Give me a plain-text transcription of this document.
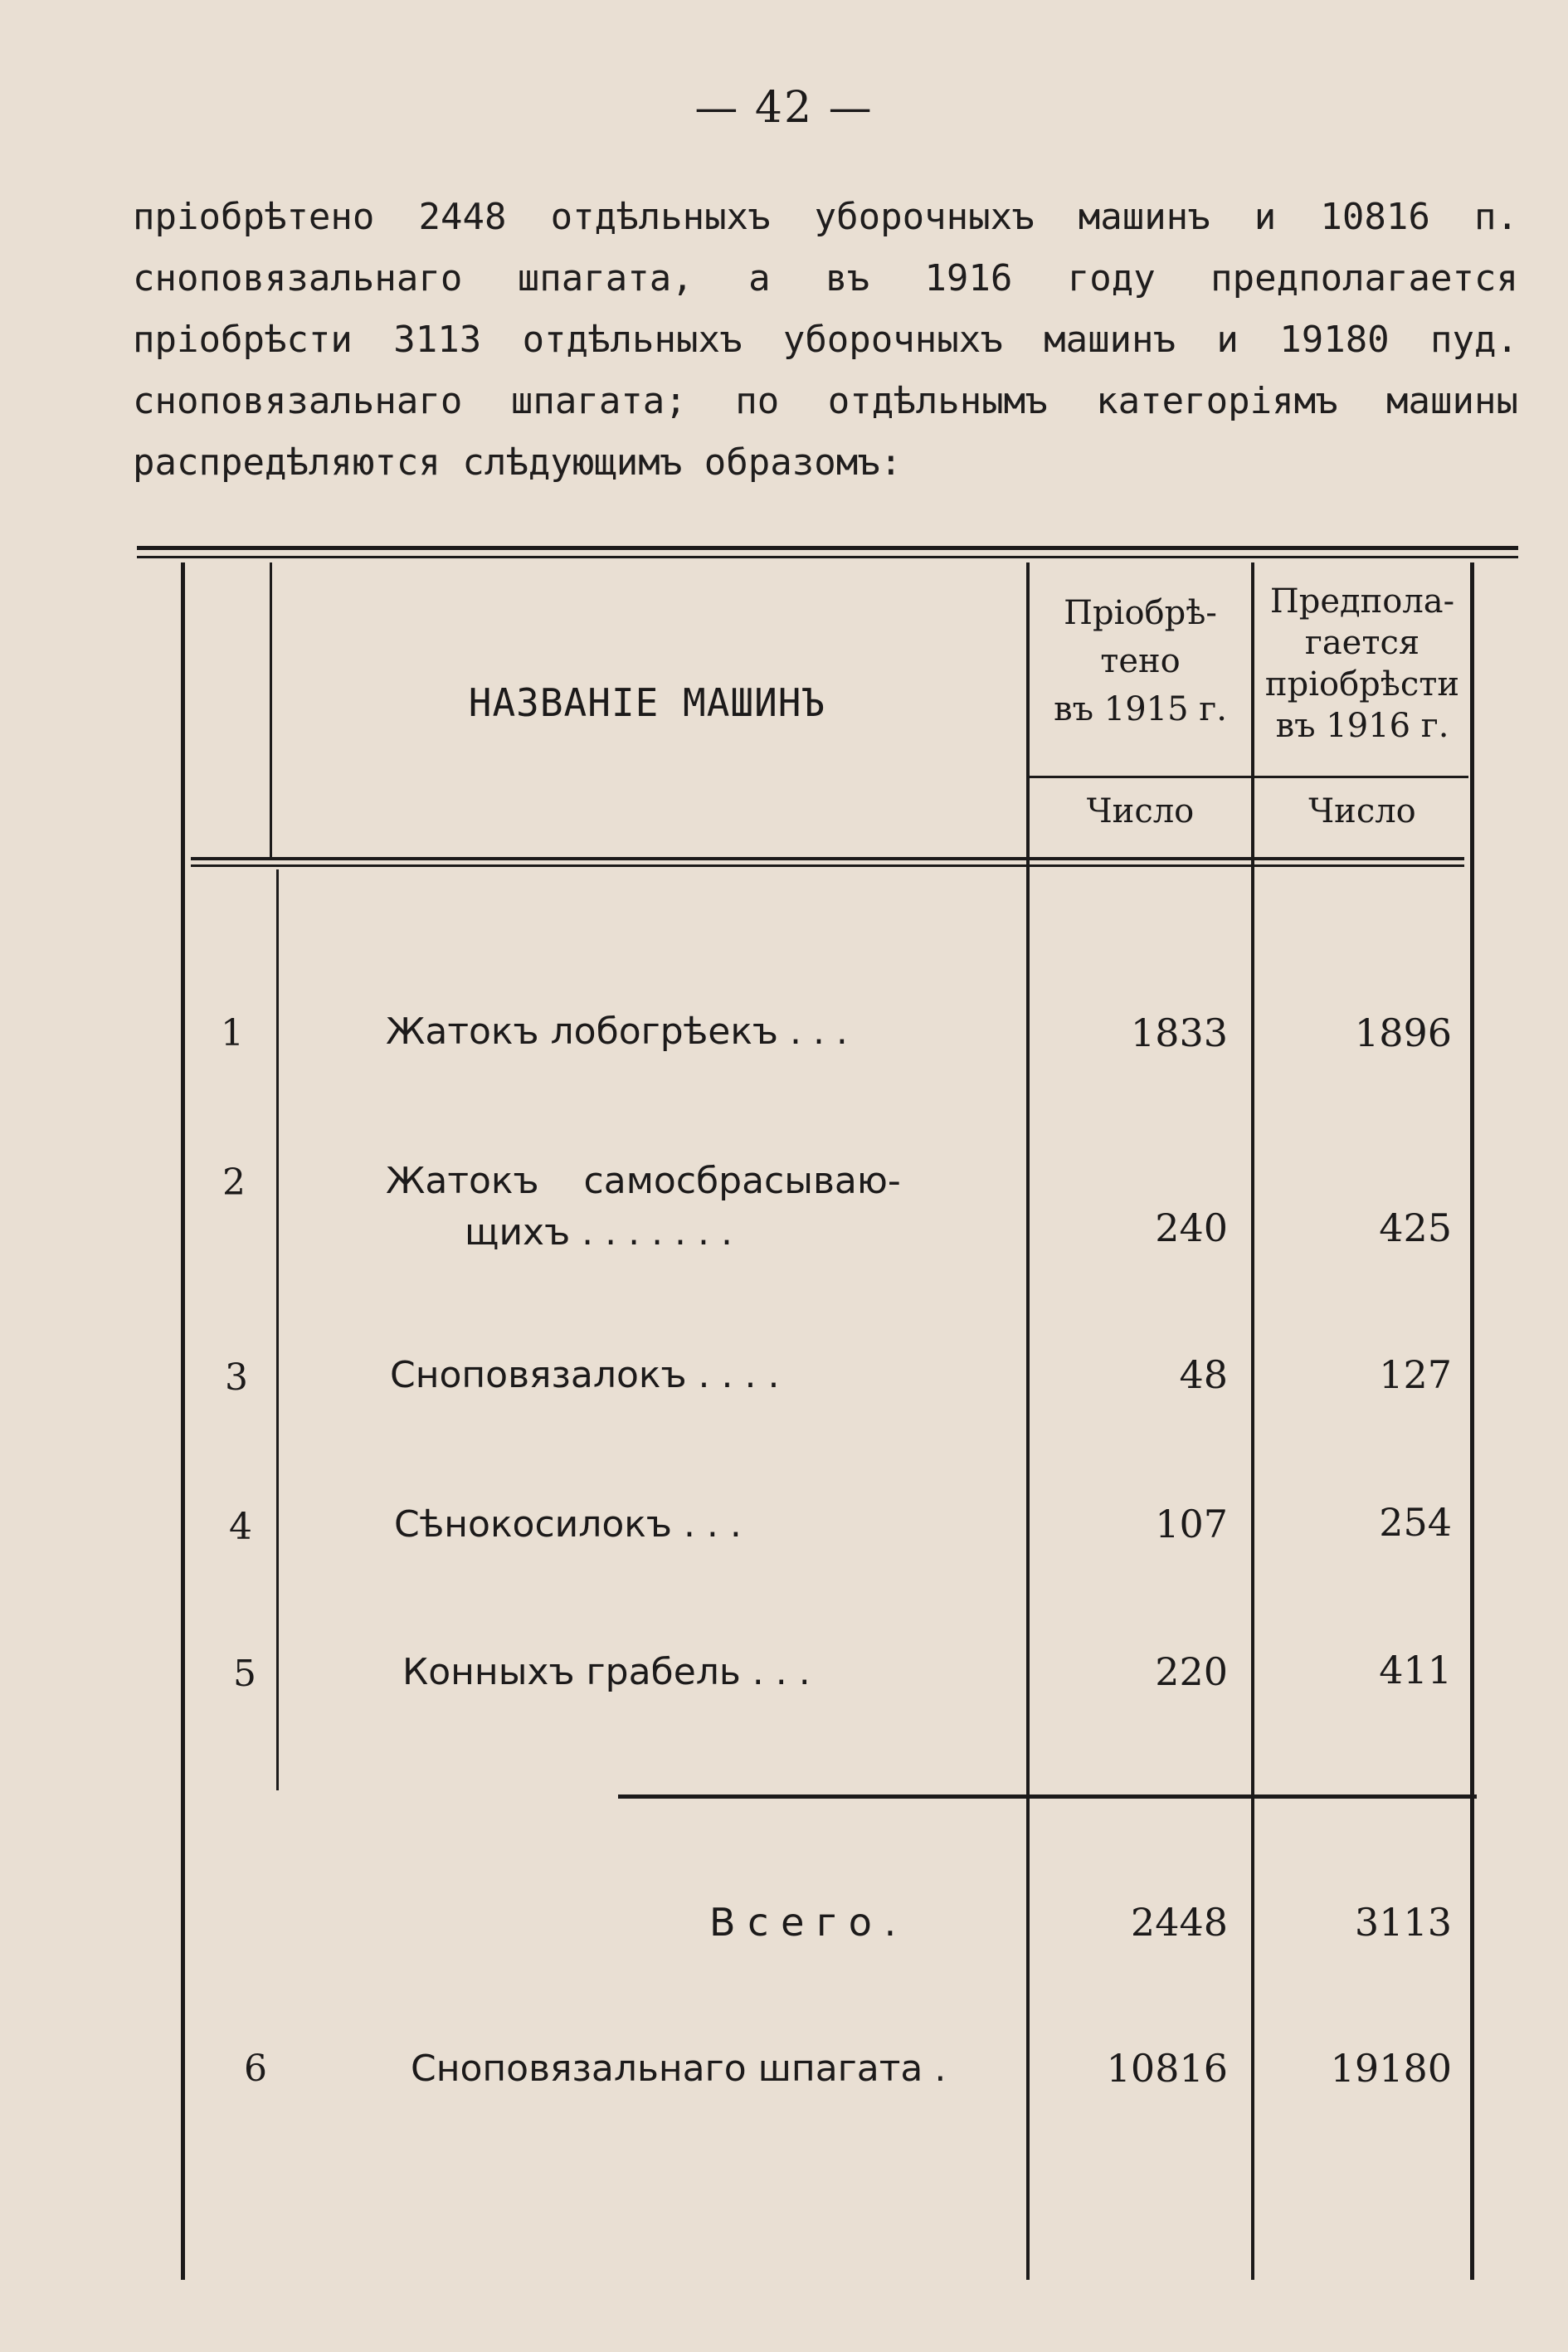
— 42 —
пріобрѣтено 2448 отдѣльныхъ уборочныхъ машинъ и 10816 п.
сноповязальнаго шпагата, а въ 1916 году предполагается
пріобрѣсти 3113 отдѣльныхъ уборочныхъ машинъ и 19180 пуд.
сноповязальнаго шпагата; по отдѣльнымъ категоріямъ машины
распредѣляются слѣдующимъ образомъ:
НАЗВАНІЕ МАШИНЪ
Пріобрѣ-
тено
въ 1915 г.
Предпола-
гается
пріобрѣсти
въ 1916 г.
Число	Число
1	Жатокъ лобогрѣекъ . . .	1833	1896
2	Жатокъ самосбрасываю-
щихъ . . . . . . .	240	425
3	Сноповязалокъ . . . .	48	127
4	Сѣнокосилокъ . . .	107	254
5	Конныхъ грабель . . .	220	411
В с е г о .	2448	3113
6	Сноповязальнаго шпагата .	10816	19180
